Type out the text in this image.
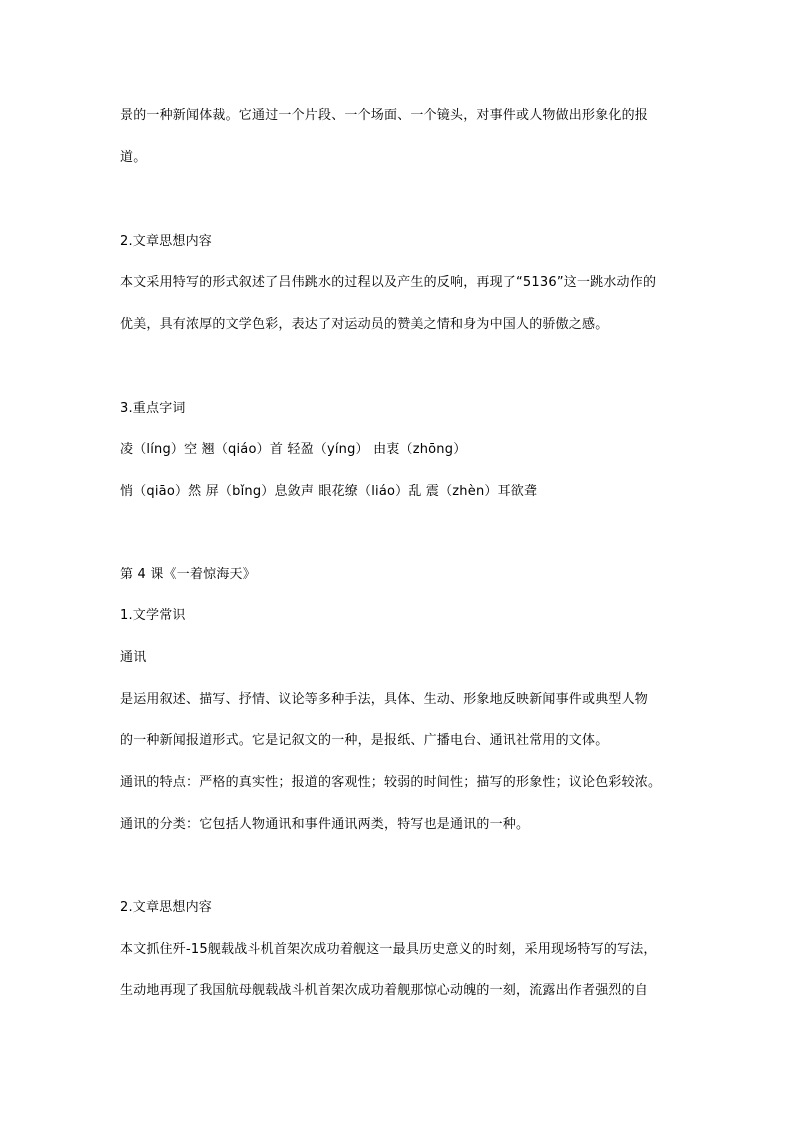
景的一种新闻体裁。它通过一个片段、一个场面、一个镜头，对事件或人物做出形象化的报
道。
2.文章思想内容
本文采用特写的形式叙述了吕伟跳水的过程以及产生的反响，再现了“5136”这一跳水动作的
优美，具有浓厚的文学色彩，表达了对运动员的赞美之情和身为中国人的骄傲之感。
3.重点字词
凌（líng）空 翘（qiáo）首 轻盈（yíng） 由衷（zhōng）
悄（qiāo）然 屏（bǐng）息敛声 眼花缭（liáo）乱 震（zhèn）耳欲聋
第 4 课《一着惊海天》
1.文学常识
通讯
是运用叙述、描写、抒情、议论等多种手法，具体、生动、形象地反映新闻事件或典型人物
的一种新闻报道形式。它是记叙文的一种，是报纸、广播电台、通讯社常用的文体。
通讯的特点：严格的真实性；报道的客观性；较弱的时间性；描写的形象性；议论色彩较浓。
通讯的分类：它包括人物通讯和事件通讯两类，特写也是通讯的一种。
2.文章思想内容
本文抓住歼-15舰载战斗机首架次成功着舰这一最具历史意义的时刻，采用现场特写的写法，
生动地再现了我国航母舰载战斗机首架次成功着舰那惊心动魄的一刻，流露出作者强烈的自
